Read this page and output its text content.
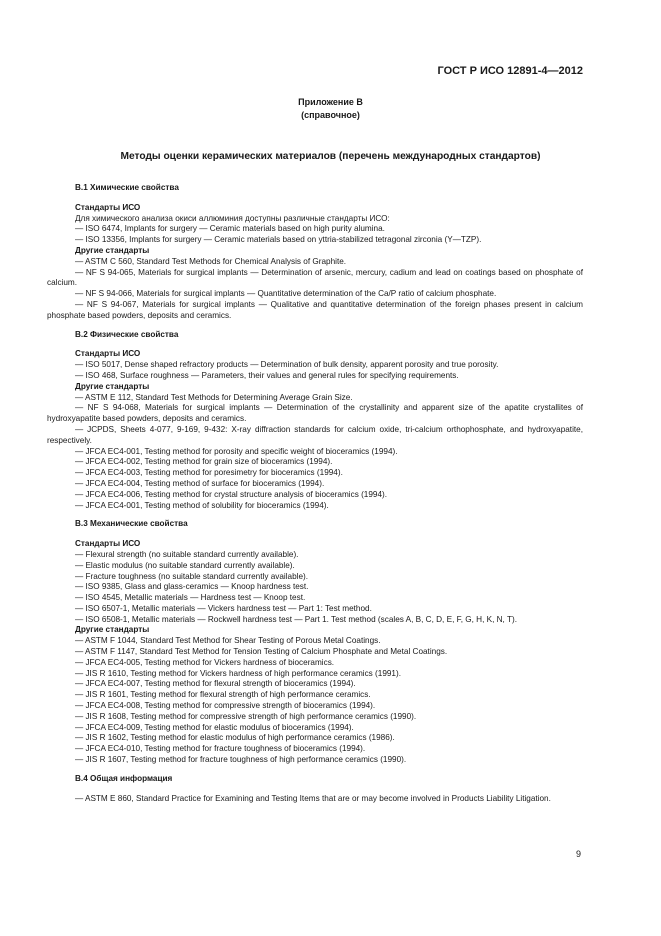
ГОСТ Р ИСО 12891-4—2012
Приложение В
(справочное)
Методы оценки керамических материалов (перечень международных стандартов)
В.1 Химические свойства
Стандарты ИСО

Для химического анализа окиси аллюминия доступны различные стандарты ИСО:

— ISO 6474, Implants for surgery — Ceramic materials based on high purity alumina.

— ISO 13356, Implants for surgery — Ceramic materials based on yttria-stabilized tetragonal zirconia (Y—TZP).

Другие стандарты

— ASTM C 560, Standard Test Methods for Chemical Analysis of Graphite.

— NF S 94-065, Materials for surgical implants — Determination of arsenic, mercury, cadium and lead on coatings based on phosphate of calcium.

— NF S 94-066, Materials for surgical implants — Quantitative determination of the Ca/P ratio of calcium phosphate.

— NF S 94-067, Materials for surgical implants — Qualitative and quantitative determination of the foreign phases present in calcium phosphate based powders, deposits and ceramics.

В.2 Физические свойства
Стандарты ИСО

— ISO 5017, Dense shaped refractory products — Determination of bulk density, apparent porosity and true porosity.

— ISO 468, Surface roughness — Parameters, their values and general rules for specifying requirements.

Другие стандарты

— ASTM E 112, Standard Test Methods for Determining Average Grain Size.

— NF S 94-068, Materials for surgical implants — Determination of the crystallinity and apparent size of the apatite crystallites of hydroxyapatite based powders, deposits and ceramics.

— JCPDS, Sheets 4-077, 9-169, 9-432: X-ray diffraction standards for calcium oxide, tri-calcium orthophosphate, and hydroxyapatite, respectively.

— JFCA EC4-001, Testing method for porosity and specific weight of bioceramics (1994).

— JFCA EC4-002, Testing method for grain size of bioceramics (1994).

— JFCA EC4-003, Testing method for poresimetry for bioceramics (1994).

— JFCA EC4-004, Testing method of surface for bioceramics (1994).

— JFCA EC4-006, Testing method for crystal structure analysis of bioceramics (1994).

— JFCA EC4-001, Testing method of solubility for bioceramics (1994).

В.3 Механические свойства
Стандарты ИСО

— Flexural strength (no suitable standard currently available).

— Elastic modulus (no suitable standard currently available).

— Fracture toughness (no suitable standard currently available).

— ISO 9385, Glass and glass-ceramics — Knoop hardness test.

— ISO 4545, Metallic materials — Hardness test — Knoop test.

— ISO 6507-1, Metallic materials — Vickers hardness test — Part 1: Test method.

— ISO 6508-1, Metallic materials — Rockwell hardness test — Part 1. Test method (scales A, B, C, D, E, F, G, H, K, N, T).

Другие стандарты

— ASTM F 1044, Standard Test Method for Shear Testing of Porous Metal Coatings.

— ASTM F 1147, Standard Test Method for Tension Testing of Calcium Phosphate and Metal Coatings.

— JFCA EC4-005, Testing method for Vickers hardness of bioceramics.

— JIS R 1610, Testing method for Vickers hardness of high performance ceramics (1991).

— JFCA EC4-007, Testing method for flexural strength of bioceramics (1994).

— JIS R 1601, Testing method for flexural strength of high performance ceramics.

— JFCA EC4-008, Testing method for compressive strength of bioceramics (1994).

— JIS R 1608, Testing method for compressive strength of high performance ceramics (1990).

— JFCA EC4-009, Testing method for elastic modulus of bioceramics (1994).

— JIS R 1602, Testing method for elastic modulus of high performance ceramics (1986).

— JFCA EC4-010, Testing method for fracture toughness of bioceramics (1994).

— JIS R 1607, Testing method for fracture toughness of high performance ceramics (1990).

В.4 Общая информация

— ASTM E 860, Standard Practice for Examining and Testing Items that are or may become involved in Products Liability Litigation.

9
